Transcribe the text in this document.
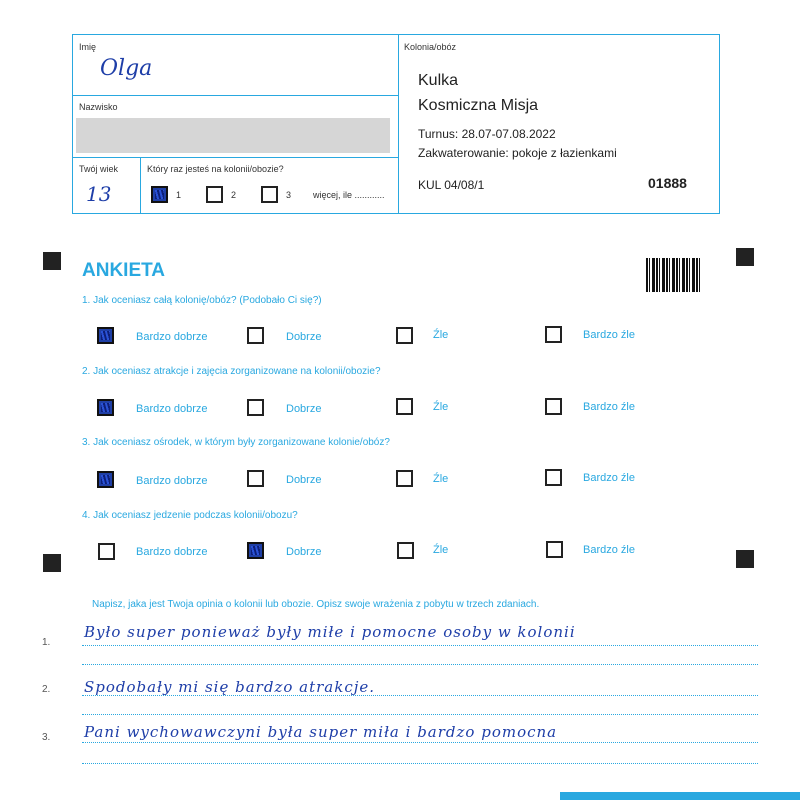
Imię
Olga
Nazwisko
Twój wiek
13
Który raz jesteś na kolonii/obozie?
1	2	3 więcej, ile ............
Kolonia/obóz
Kulka
Kosmiczna Misja
Turnus: 28.07-07.08.2022
Zakwaterowanie: pokoje z łazienkami
KUL 04/08/1	01888
ANKIETA
1. Jak oceniasz całą kolonię/obóz? (Podobało Ci się?)
Bardzo dobrze	Dobrze	Źle	Bardzo źle
2. Jak oceniasz atrakcje i zajęcia zorganizowane na kolonii/obozie?
Bardzo dobrze	Dobrze	Źle	Bardzo źle
3. Jak oceniasz ośrodek, w którym były zorganizowane kolonie/obóz?
Bardzo dobrze	Dobrze	Źle	Bardzo źle
4. Jak oceniasz jedzenie podczas kolonii/obozu?
Bardzo dobrze	Dobrze	Źle	Bardzo źle
Napisz, jaka jest Twoja opinia o kolonii lub obozie. Opisz swoje wrażenia z pobytu w trzech zdaniach.
1.
Było super ponieważ były miłe i pomocne osoby w kolonii
2. Spodobały mi się bardzo atrakcje.
3. Pani wychowawczyni była super miła i bardzo pomocna
